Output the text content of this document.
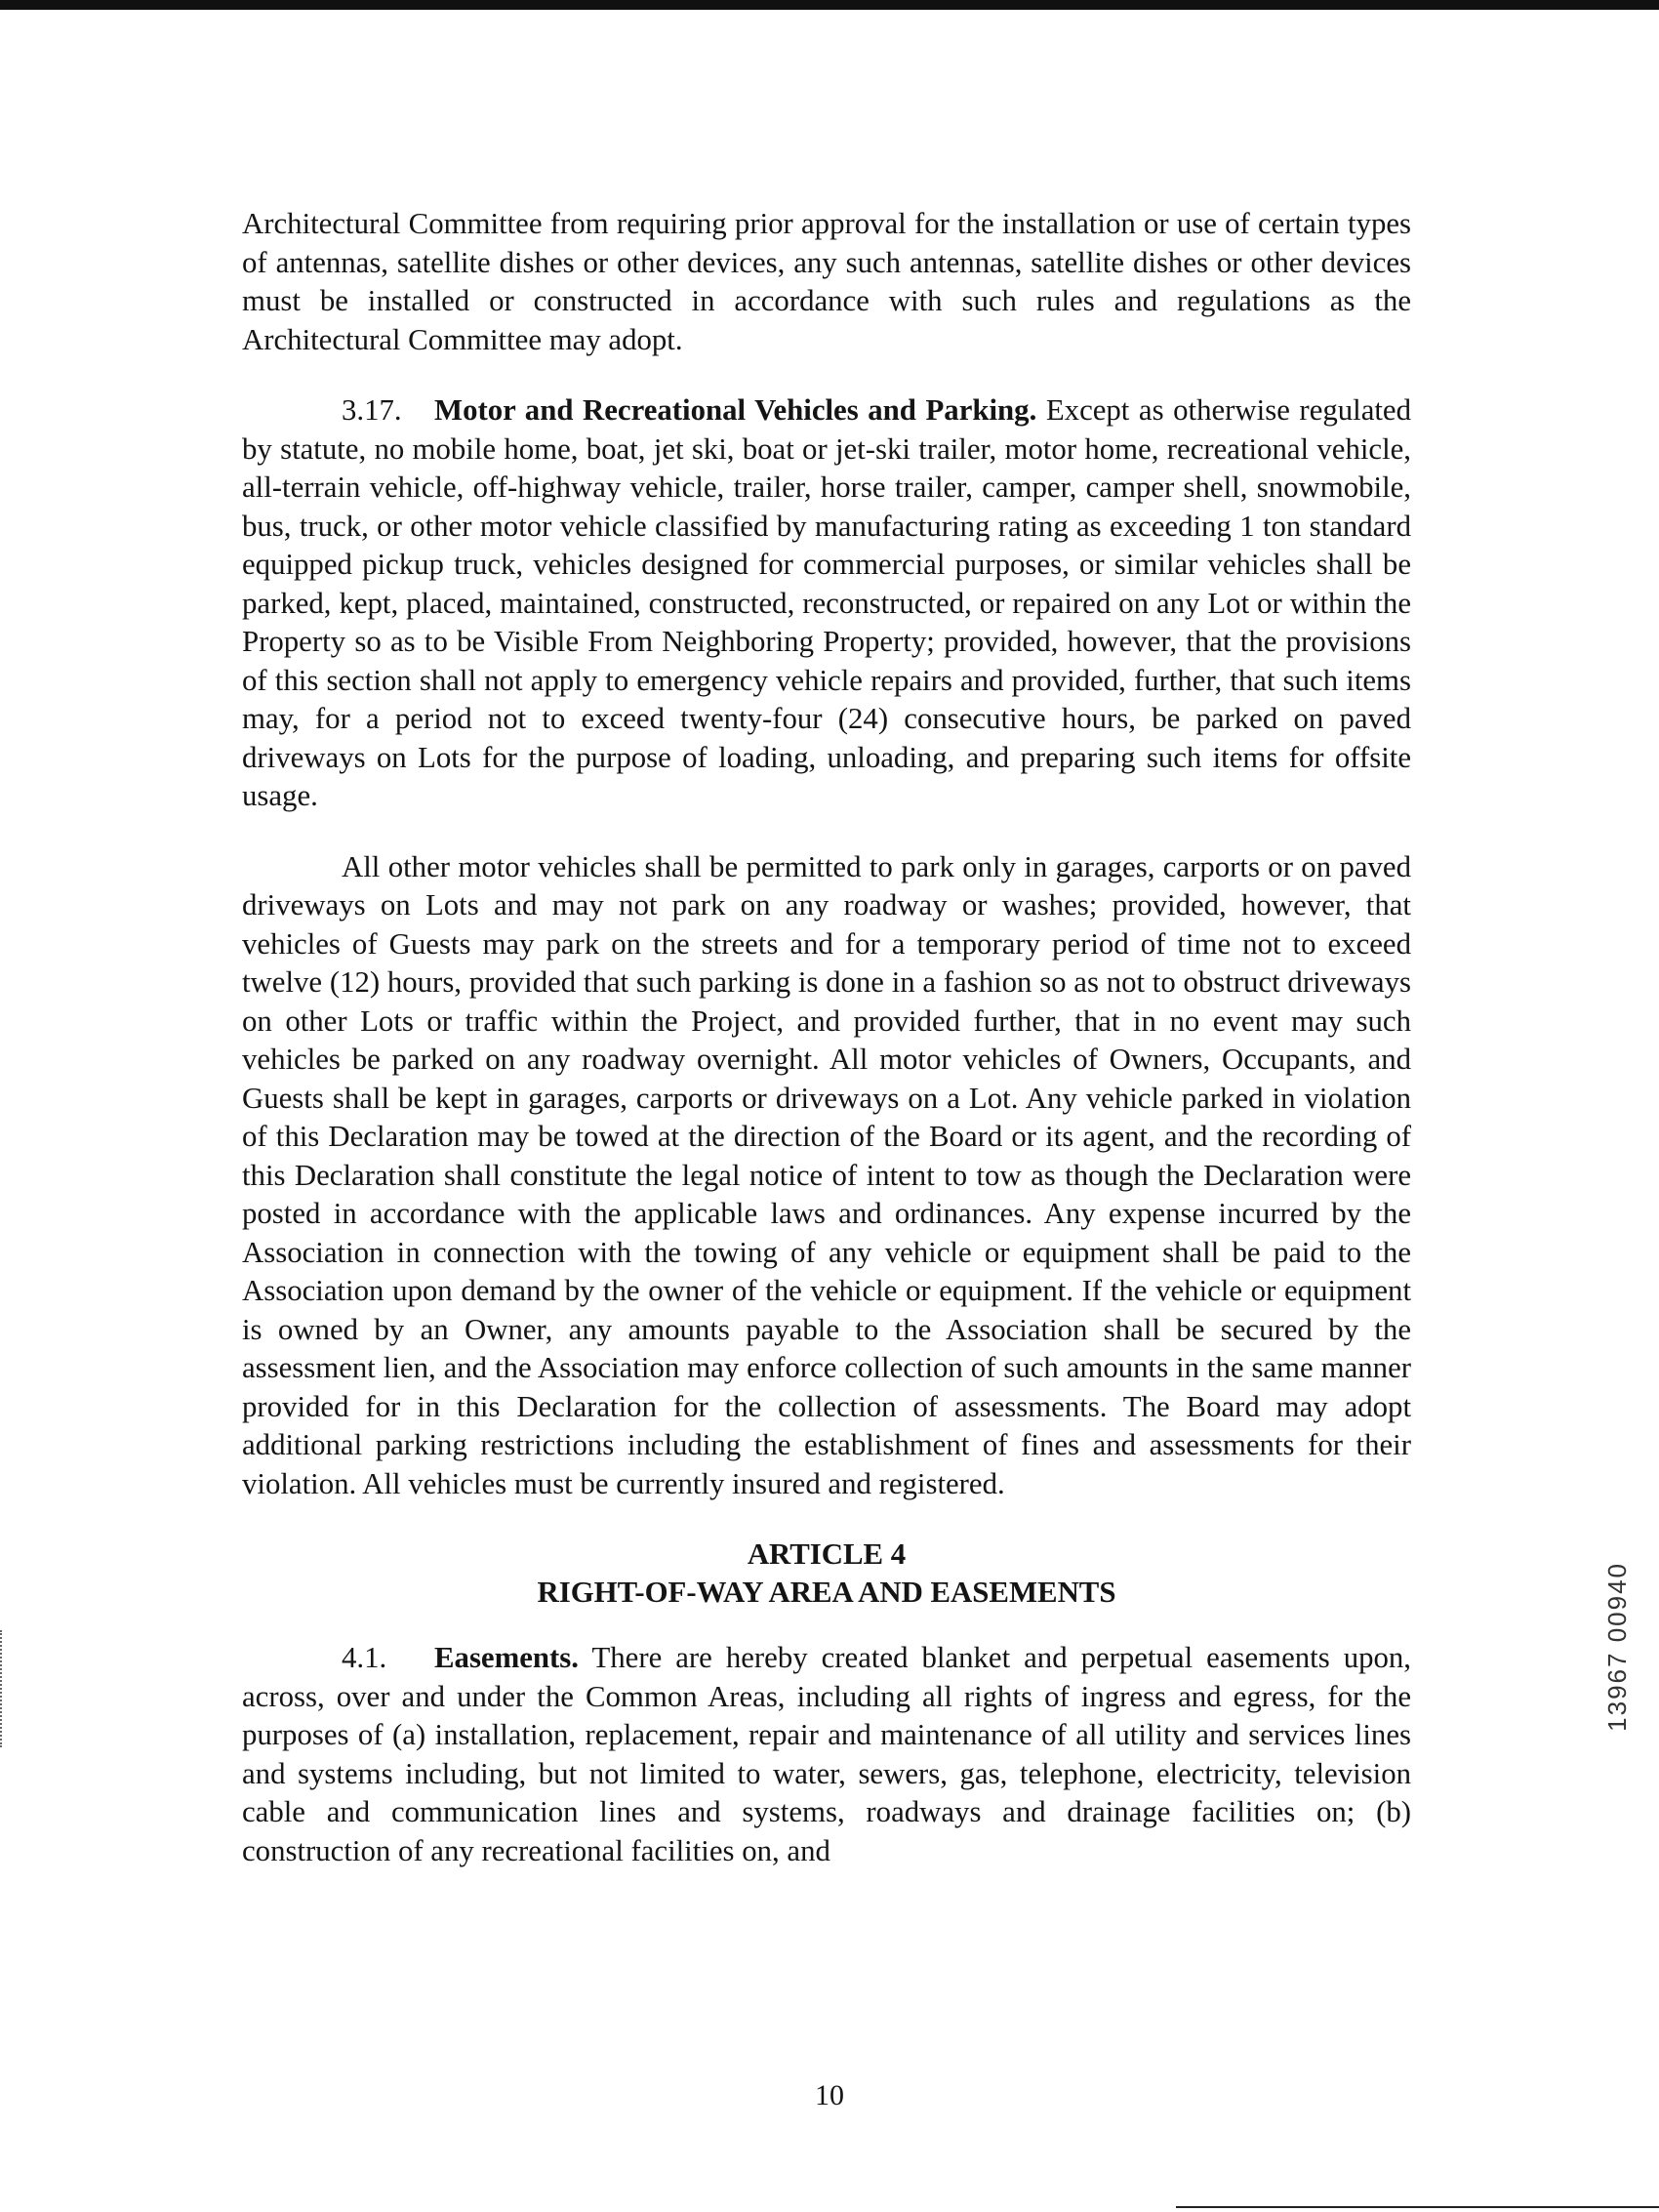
Architectural Committee from requiring prior approval for the installation or use of certain types of antennas, satellite dishes or other devices, any such antennas, satellite dishes or other devices must be installed or constructed in accordance with such rules and regulations as the Architectural Committee may adopt.

3.17. Motor and Recreational Vehicles and Parking. Except as otherwise regulated by statute, no mobile home, boat, jet ski, boat or jet-ski trailer, motor home, recreational vehicle, all-terrain vehicle, off-highway vehicle, trailer, horse trailer, camper, camper shell, snowmobile, bus, truck, or other motor vehicle classified by manufacturing rating as exceeding 1 ton standard equipped pickup truck, vehicles designed for commercial purposes, or similar vehicles shall be parked, kept, placed, maintained, constructed, reconstructed, or repaired on any Lot or within the Property so as to be Visible From Neighboring Property; provided, however, that the provisions of this section shall not apply to emergency vehicle repairs and provided, further, that such items may, for a period not to exceed twenty-four (24) consecutive hours, be parked on paved driveways on Lots for the purpose of loading, unloading, and preparing such items for offsite usage.

All other motor vehicles shall be permitted to park only in garages, carports or on paved driveways on Lots and may not park on any roadway or washes; provided, however, that vehicles of Guests may park on the streets and for a temporary period of time not to exceed twelve (12) hours, provided that such parking is done in a fashion so as not to obstruct driveways on other Lots or traffic within the Project, and provided further, that in no event may such vehicles be parked on any roadway overnight. All motor vehicles of Owners, Occupants, and Guests shall be kept in garages, carports or driveways on a Lot. Any vehicle parked in violation of this Declaration may be towed at the direction of the Board or its agent, and the recording of this Declaration shall constitute the legal notice of intent to tow as though the Declaration were posted in accordance with the applicable laws and ordinances. Any expense incurred by the Association in connection with the towing of any vehicle or equipment shall be paid to the Association upon demand by the owner of the vehicle or equipment. If the vehicle or equipment is owned by an Owner, any amounts payable to the Association shall be secured by the assessment lien, and the Association may enforce collection of such amounts in the same manner provided for in this Declaration for the collection of assessments. The Board may adopt additional parking restrictions including the establishment of fines and assessments for their violation. All vehicles must be currently insured and registered.

ARTICLE 4
RIGHT-OF-WAY AREA AND EASEMENTS

4.1. Easements. There are hereby created blanket and perpetual easements upon, across, over and under the Common Areas, including all rights of ingress and egress, for the purposes of (a) installation, replacement, repair and maintenance of all utility and services lines and systems including, but not limited to water, sewers, gas, telephone, electricity, television cable and communication lines and systems, roadways and drainage facilities on; (b) construction of any recreational facilities on, and

10
13967 00940
